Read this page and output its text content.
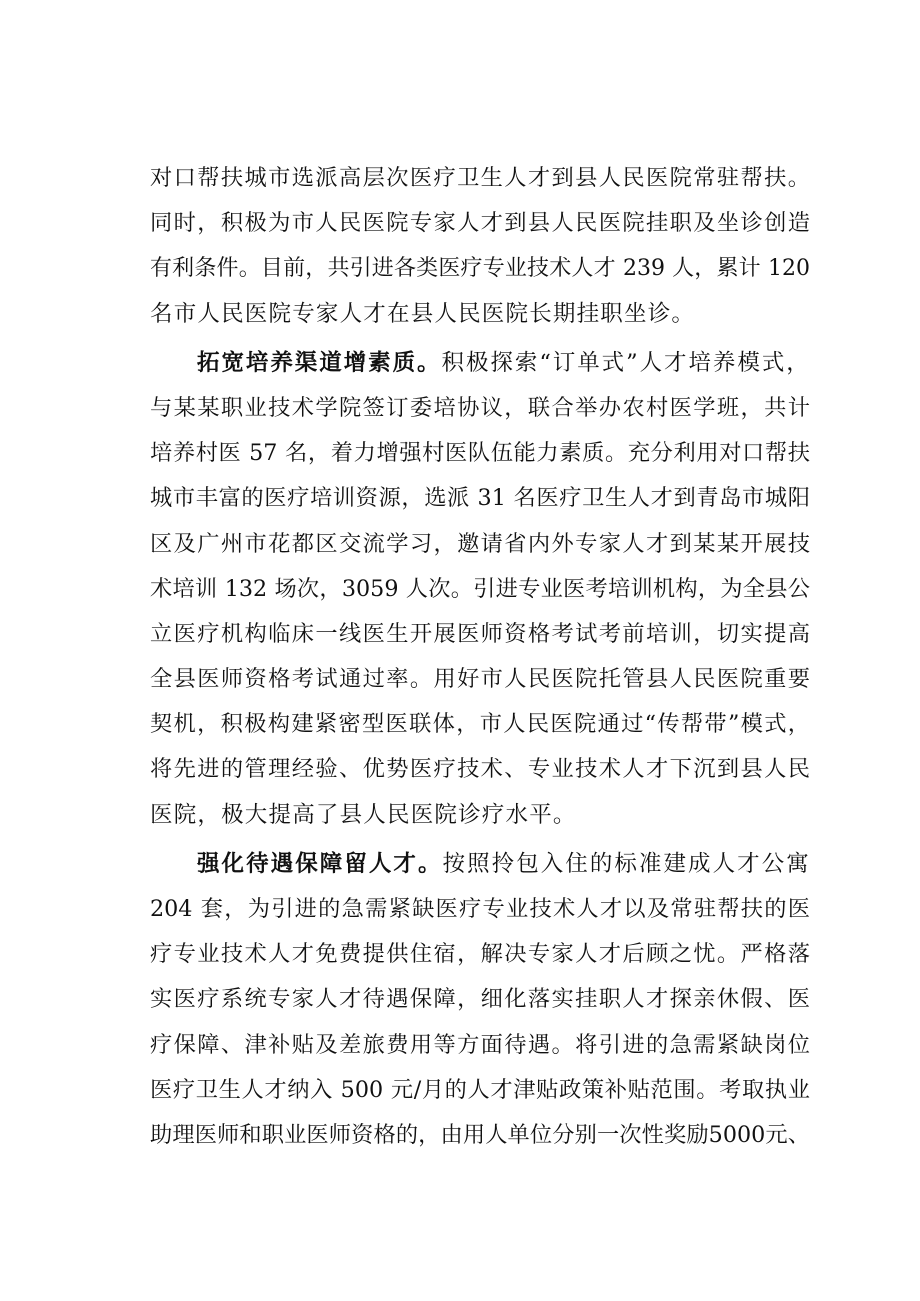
对口帮扶城市选派高层次医疗卫生人才到县人民医院常驻帮扶。
同时，积极为市人民医院专家人才到县人民医院挂职及坐诊创造
有利条件。目前，共引进各类医疗专业技术人才 239 人，累计 120
名市人民医院专家人才在县人民医院长期挂职坐诊。
拓宽培养渠道增素质。积极探索“订单式”人才培养模式，
与某某职业技术学院签订委培协议，联合举办农村医学班，共计
培养村医 57 名，着力增强村医队伍能力素质。充分利用对口帮扶
城市丰富的医疗培训资源，选派 31 名医疗卫生人才到青岛市城阳
区及广州市花都区交流学习，邀请省内外专家人才到某某开展技
术培训 132 场次，3059 人次。引进专业医考培训机构，为全县公
立医疗机构临床一线医生开展医师资格考试考前培训，切实提高
全县医师资格考试通过率。用好市人民医院托管县人民医院重要
契机，积极构建紧密型医联体，市人民医院通过“传帮带”模式，
将先进的管理经验、优势医疗技术、专业技术人才下沉到县人民
医院，极大提高了县人民医院诊疗水平。
强化待遇保障留人才。按照拎包入住的标准建成人才公寓
204 套，为引进的急需紧缺医疗专业技术人才以及常驻帮扶的医
疗专业技术人才免费提供住宿，解决专家人才后顾之忧。严格落
实医疗系统专家人才待遇保障，细化落实挂职人才探亲休假、医
疗保障、津补贴及差旅费用等方面待遇。将引进的急需紧缺岗位
医疗卫生人才纳入 500 元/月的人才津贴政策补贴范围。考取执业
助理医师和职业医师资格的，由用人单位分别一次性奖励5000元、
